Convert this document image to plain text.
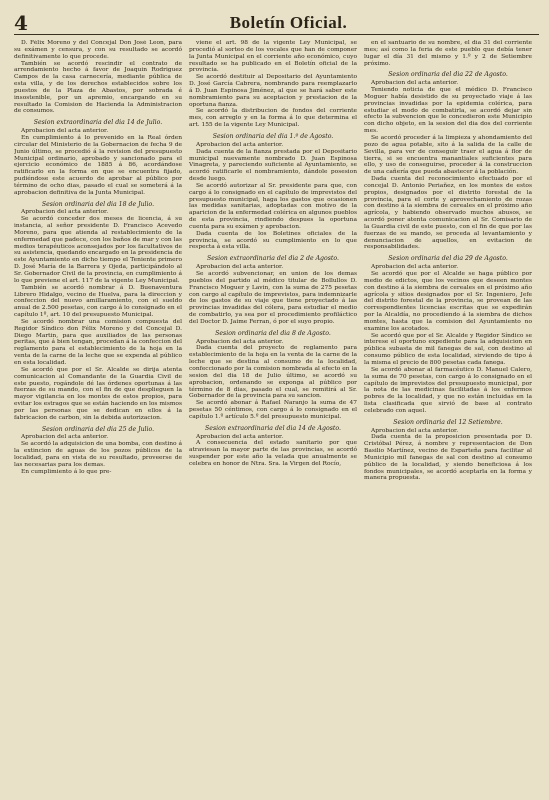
4	Boletín Oficial.

D. Félix Moreno y del Concejal Don José Leon, para su exámen y censura, y con su resultado se acordó definitivamente lo que procede.

También se acordó rescindir el contrato de arrendamiento hecho á favor de Joaquin Rodriguez Campos de la casa carnecería, mediante pública de esta villa, y de los derechos establecidos sobre los puestos de la Plaza de Abastos, por sobrada é insostenible, por un apremio, encargando en su resultado la Comision de Hacienda la Administracion de consumos.

Sesion extraordinaria del dia 14 de Julio.

Aprobacion del acta anterior.

En cumplimiento á lo prevenido en la Real órden circular del Ministerio de la Gobernacion de fecha 9 de Junio último, se procedió á la revision del presupuesto Municipal ordinario, aprobado y sancionado para el ejercicio económico de 1885 á 86, acordándose ratificarlo en la forma en que se encuentra fijado, pudiéndose este acuerdo de aprobar al público por término de ocho dias, pasado el cual se someterá á la aprobacion definitiva de la Junta Municipal.

Sesion ordinaria del dia 18 de Julio.

Aprobacion del acta anterior.

Se acordó conceder dos meses de licencia, á su instancia, al señor presidente D. Francisco Acevedo Moreno, para que atienda al restablecimiento de la enfermedad que padece, con los baños de mar y con las medios terapéuticos aconsejados por los facultativos de su asistencia, quedando encargado en la presidencia de este Ayuntamiento en dicho tiempo el Teniente primero D. José María de la Barrera y Ojeda, participándolo al Sr. Gobernador Civil de la provincia, en cumplimiento á lo que previene el art. 117 de la vigente Ley Municipal.

También se acordó nombrar á D. Buenaventura Librero Hidalgo, vecino de Huelva, para la direccion y confeccion del nuevo amillaramiento, con el sueldo anual de 2.500 pesetas, con cargo á lo consignado en el capítulo 1º, art. 10 del presupuesto Municipal.

Se acordó nombrar una comision compuesta del Regidor Síndico don Félix Moreno y del Concejal D. Diego Martin, para que auxiliados de las personas peritas, que á bien tengan, procedan á la confeccion del reglamento para el establecimiento de la hoja en la venta de la carne de la leche que se expenda al público en esta localidad.

Se acordó que por el Sr. Alcalde se dirija atenta comunicacion al Comandante de la Guardia Civil de este puesto, rogándole dé las órdenes oportunas á las fuerzas de su mando, con el fin de que desplieguen la mayor vigilancia en los montes de estos propios, para evitar los estragos que se están haciendo en los mismos por las personas que se dedican en ellos á la fabricacion de carbon, sin la debida autorizacion.

Sesion ordinaria del dia 25 de Julio.

Aprobacion del acta anterior.

Se acordó la adquisicion de una bomba, con destino á la extincion de aguas de los pozos públicos de la localidad, para en vista de su resultado, proveerse de las necesarias para los demas.

En cumplimiento á lo que pre-

viene el art. 98 de la vigente Ley Municipal, se procedió al sorteo de los vocales que han de componer la Junta Municipal en el corriente año económico, cuyo resultado se ha publicado en el Boletín oficial de la provincia.

Se acordó destituir al Depositario del Ayuntamiento D. José García Cabrera, nombrando para reemplazarlo á D. Juan Espinosa Jiménez, al que se hará saber este nombramiento para su aceptacion y prestacion de la oportuna fianza.

Se acordó la distribucion de fondos del corriente mes, con arreglo y en la forma á lo que determina el art. 155 de la vigente Ley Municipal.

Sesion ordinaria del dia 1.º de Agosto.

Aprobacion del acta anterior.

Dada cuenta de la fianza prestada por el Depositario municipal nuevamente nombrado D. Juan Espinosa Vinagreta, y pareciendo suficiente al Ayuntamiento, se acordó ratificarle el nombramiento, dándole posesion desde luego.

Se acordó autorizar al Sr. presidente para que, con cargo á lo consignado en el capítulo de imprevistos del presupuesto municipal, haga los gastos que ocasionen las medidas sanitarias, adoptadas con motivo de la aparicion de la enfermedad colérica en algunos pueblos de esta provincia, rindiendo despues la oportuna cuenta para su exámen y aprobacion.

Dada cuenta de los Boletines oficiales de la provincia, se acordó su cumplimiento en lo que respecta á esta villa.

Sesion extraordinaria del dia 2 de Agosto.

Aprobacion del acta anterior.

Se acordó subvencionar, en union de los demas pueblos del partido al médico titular de Bollullos D. Francisco Moguer y Lavin, con la suma de 275 pesetas con cargo al capítulo de imprevistos, para indemnizarle de los gastos de su viaje que tiene proyectado á las provincias invadidas del cólera, para estudiar el medio de combatirlo, ya sea por el procedimiento profiláctico del Doctor D. Jaime Ferran, ó por el suyo propio.

Sesion ordinaria del dia 8 de Agosto.

Aprobacion del acta anterior.

Dada cuenta del proyecto de reglamento para establecimiento de la hoja en la venta de la carne de la leche que se destina al consumo de la localidad, confeccionado por la comision nombrada al efecto en la sesion del dia 18 de Julio último, se acordó su aprobacion, ordenando se exponga al público por término de 8 dias, pasado el cual, se remitirá al Sr. Gobernador de la provincia para su sancion.

Se acordó abonar á Rafael Naranjo la suma de 47 pesetas 50 céntimos, con cargo á lo consignado en el capítulo 1.º artículo 5.º del presupuesto municipal.

Sesion extraordinaria del dia 14 de Agosto.

Aprobacion del acta anterior.

A consecuencia del estado sanitario por que atraviesan la mayor parte de las provincias, se acordó suspender por este año la velada que anualmente se celebra en honor de Ntra. Sra. la Virgen del Rocío,

en el santuario de su nombre, el día 31 del corriente mes; así como la feria de este pueblo que debía tener lugar el día 31 del mismo y 1.º y 2 de Setiembre próximo.

Sesion ordinaria del dia 22 de Agosto.

Aprobacion del acta anterior.

Teniendo noticia de que el médico D. Francisco Moguer había desistido de su proyectado viaje á las provincias invadidas por la epidemia colérica, para estudiar el modo de combatirla, se acordó dejar sin efecto la subvencion que le concedieron este Municipio con dicho objeto, en la sesion del dia dos del corriente mes.

Se acordó proceder á la limpieza y ahondamiento del pozo de agua potable, sito á la salida de la calle de Sevilla, para ver de conseguir traer el agua á flor de tierra, si se encuentra manantiales suficientes para ello, y uso de conseguirse, proceder á la construccion de una cañería que pueda abastecer á la población.

Dada cuenta del reconocimiento efectuado por el concejal D. Antonio Periañez, en los montes de estos propios, designados por el distrito forestal de la provincia, para el corte y aprovechamiento de rozas con destino á la siembra de cereales en el próximo año agrícola, y habiendo observado muchos abusos, se acordó poner atenta comunicacion al Sr. Comisario de la Guardia civil de este puesto, con el fin de que por las fuerzas de su mando, se proceda al levantamiento y denunciacion de aquellos, en evitacion de responsabilidades.

Sesion ordinaria del dia 29 de Agosto.

Aprobacion del acta anterior.

Se acordó que por el Alcalde se haga público por medio de edictos, que los vecinos que deseen montes con destino á la siembra de cereales en el próximo año agrícola y sitios designados por el Sr. Ingeniero, Jefe del distrito forestal de la provincia, se provean de las correspondientes licencias escritas que se expedirán por la Alcaldía, no procediendo á la siembra de dichos montes, hasta que la comision del Ayuntamiento no examine los acotados.

Se acordó que por el Sr. Alcalde y Regidor Síndico se interese el oportuno expediente para la adquisicion en pública subasta de mil fanegas de sal, con destino al consumo público de esta localidad, sirviendo de tipo á la misma el precio de 800 pesetas cada fanega.

Se acordó abonar al farmacéutico D. Manuel Calero, la suma de 70 pesetas, con cargo á lo consignado en el capítulo de imprevistos del presupuesto municipal, por la nota de las medicinas facilitadas á los enfermos pobres de la localidad, y que no están incluidas en la lista clasificada que sirvió de base al contrato celebrado con aquel.

Sesion ordinaria del 12 Setiembre.

Aprobacion del acta anterior.

Dada cuenta de la proposicion presentada por D. Cristóbal Pérez, á nombre y representacion de Don Basilio Martínez, vecino de Esparteña para facilitar al Municipio mil fanegas de sal con destino al consumo público de la localidad, y siendo beneficiosa á los fondos municipales, se acordó aceptarla en la forma y manera propuesta.
